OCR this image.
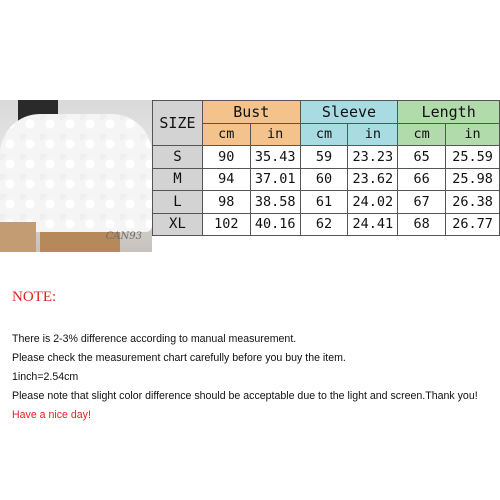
CAN93
SIZE	Bust		Sleeve		Length	
	cm	in	cm	in	cm	in
S	90	35.43	59	23.23	65	25.59
M	94	37.01	60	23.62	66	25.98
L	98	38.58	61	24.02	67	26.38
XL	102	40.16	62	24.41	68	26.77
NOTE:
There is 2-3% difference according to manual measurement.
Please check the measurement chart carefully before you buy the item.
1inch=2.54cm
Please note that slight color difference should be acceptable due to the light and screen.Thank you!
Have a nice day!
